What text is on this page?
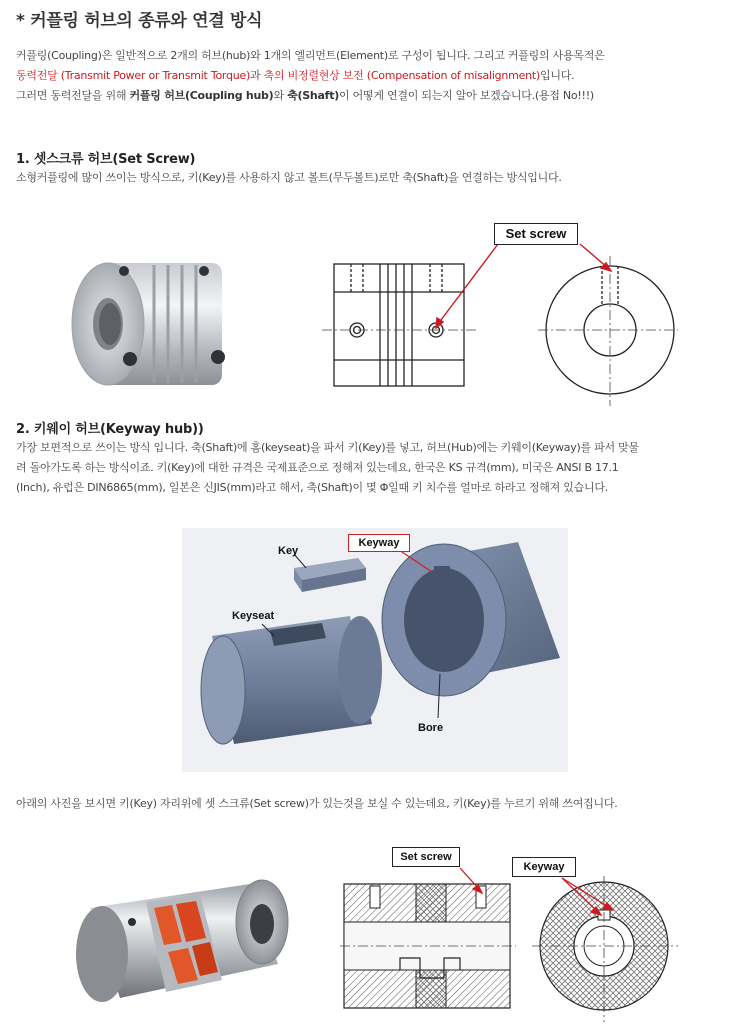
* 커플링 허브의 종류와 연결 방식
커플링(Coupling)은 일반적으로 2개의 허브(hub)와 1개의 엘리먼트(Element)로 구성이 됩니다. 그리고 커플링의 사용목적은
동력전달 (Transmit Power or Transmit Torque)과 축의 비정렬현상 보전 (Compensation of misalignment)입니다.
그러면 동력전달을 위해 커플링 허브(Coupling hub)와 축(Shaft)이 어떻게 연결이 되는지 알아 보겠습니다.(용접 No!!!)
1. 셋스크류 허브(Set Screw)
소형커플링에 많이 쓰이는 방식으로, 키(Key)를 사용하지 않고 볼트(무두볼트)로만 축(Shaft)을 연결하는 방식입니다.
Set screw
2. 키웨이 허브(Keyway hub))
가장 보편적으로 쓰이는 방식 입니다. 축(Shaft)에 홈(keyseat)을 파서 키(Key)를 넣고, 허브(Hub)에는 키웨이(Keyway)를 파서 맞물
려 돌아가도록 하는 방식이죠. 키(Key)에 대한 규격은 국제표준으로 정해져 있는데요, 한국은 KS 규격(mm), 미국은 ANSI B 17.1
(Inch), 유럽은 DIN6865(mm), 일본은 신JIS(mm)라고 해서, 축(Shaft)이 몇 Φ일때 키 치수를 얼마로 하라고 정해져 있습니다.
Key
Keyway
Keyseat
Bore
아래의 사진을 보시면 키(Key) 자리위에 셋 스크류(Set screw)가 있는것을 보실 수 있는데요, 키(Key)를 누르기 위해 쓰여집니다.
Set screw
Keyway
